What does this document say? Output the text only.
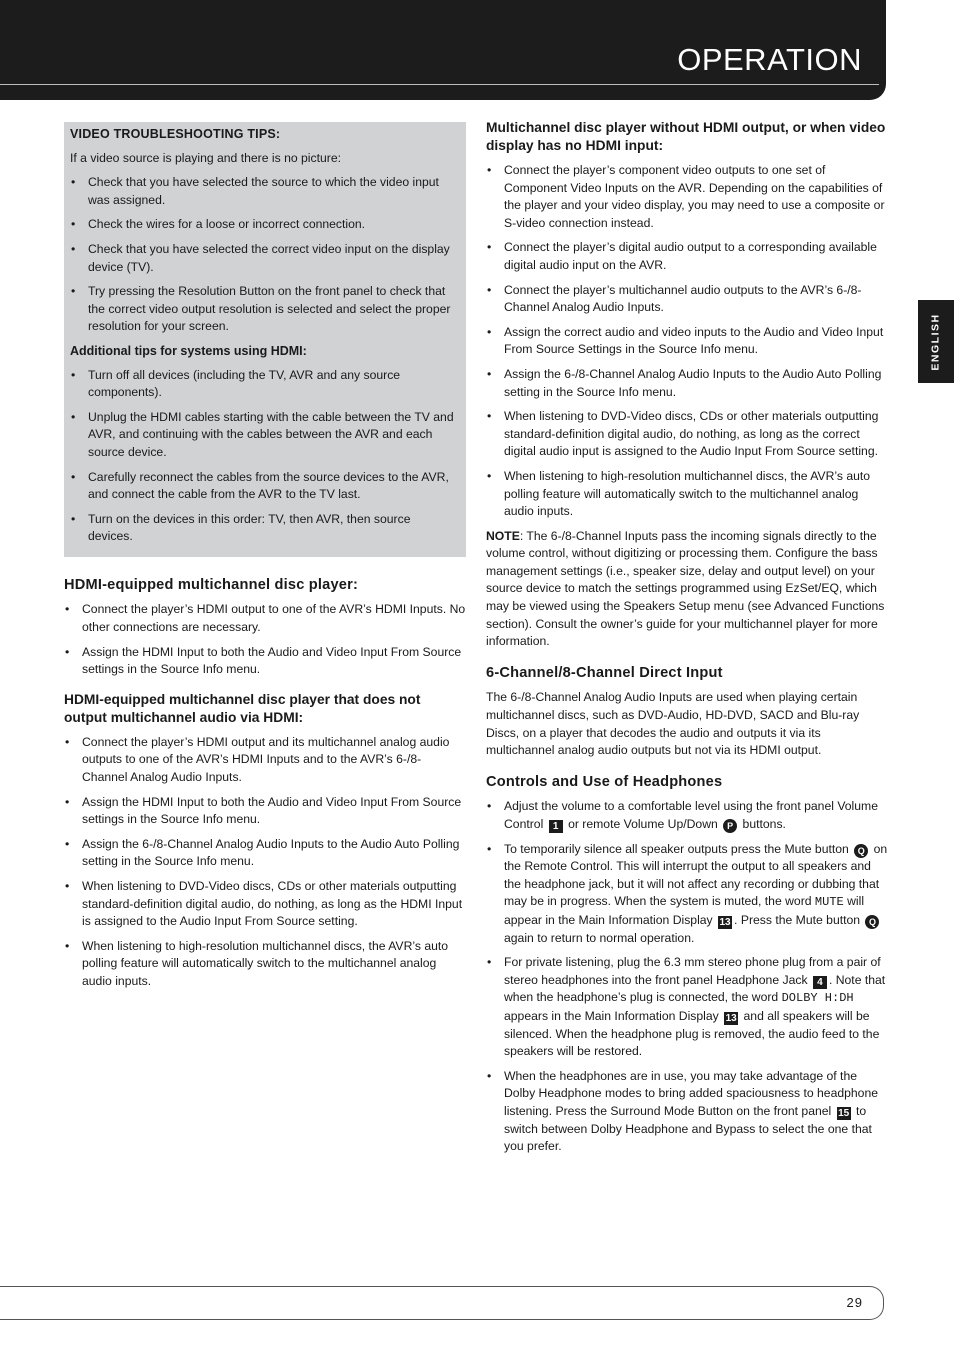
OPERATION
ENGLISH
VIDEO TROUBLESHOOTING TIPS:

If a video source is playing and there is no picture:

• Check that you have selected the source to which the video input was assigned.
• Check the wires for a loose or incorrect connection.
• Check that you have selected the correct video input on the display device (TV).
• Try pressing the Resolution Button on the front panel to check that the correct video output resolution is selected and select the proper resolution for your screen.
Additional tips for systems using HDMI:
• Turn off all devices (including the TV, AVR and any source components).
• Unplug the HDMI cables starting with the cable between the TV and AVR, and continuing with the cables between the AVR and each source device.
• Carefully reconnect the cables from the source devices to the AVR, and connect the cable from the AVR to the TV last.
• Turn on the devices in this order: TV, then AVR, then source devices.
HDMI-equipped multichannel disc player:
• Connect the player’s HDMI output to one of the AVR’s HDMI Inputs. No other connections are necessary.
• Assign the HDMI Input to both the Audio and Video Input From Source settings in the Source Info menu.
HDMI-equipped multichannel disc player that does not output multichannel audio via HDMI:
• Connect the player’s HDMI output and its multichannel analog audio outputs to one of the AVR’s HDMI Inputs and to the AVR’s 6-/8-Channel Analog Audio Inputs.
• Assign the HDMI Input to both the Audio and Video Input From Source settings in the Source Info menu.
• Assign the 6-/8-Channel Analog Audio Inputs to the Audio Auto Polling setting in the Source Info menu.
• When listening to DVD-Video discs, CDs or other materials outputting standard-definition digital audio, do nothing, as long as the HDMI Input is assigned to the Audio Input From Source setting.
• When listening to high-resolution multichannel discs, the AVR’s auto polling feature will automatically switch to the multichannel analog audio inputs.
Multichannel disc player without HDMI output, or when video display has no HDMI input:
• Connect the player’s component video outputs to one set of Component Video Inputs on the AVR. Depending on the capabilities of the player and your video display, you may need to use a composite or S-video connection instead.
• Connect the player’s digital audio output to a corresponding available digital audio input on the AVR.
• Connect the player’s multichannel audio outputs to the AVR’s 6-/8-Channel Analog Audio Inputs.
• Assign the correct audio and video inputs to the Audio and Video Input From Source Settings in the Source Info menu.
• Assign the 6-/8-Channel Analog Audio Inputs to the Audio Auto Polling setting in the Source Info menu.
• When listening to DVD-Video discs, CDs or other materials outputting standard-definition digital audio, do nothing, as long as the correct digital audio input is assigned to the Audio Input From Source setting.
• When listening to high-resolution multichannel discs, the AVR’s auto polling feature will automatically switch to the multichannel analog audio inputs.

NOTE: The 6-/8-Channel Inputs pass the incoming signals directly to the volume control, without digitizing or processing them. Configure the bass management settings (i.e., speaker size, delay and output level) on your source device to match the settings programmed using EzSet/EQ, which may be viewed using the Speakers Setup menu (see Advanced Functions section). Consult the owner’s guide for your multichannel player for more information.

6-Channel/8-Channel Direct Input

The 6-/8-Channel Analog Audio Inputs are used when playing certain multichannel discs, such as DVD-Audio, HD-DVD, SACD and Blu-ray Discs, on a player that decodes the audio and outputs it via its multichannel analog audio outputs but not via its HDMI output.

Controls and Use of Headphones
• Adjust the volume to a comfortable level using the front panel Volume Control 1 or remote Volume Up/Down P buttons.
• To temporarily silence all speaker outputs press the Mute button Q on the Remote Control. This will interrupt the output to all speakers and the headphone jack, but it will not affect any recording or dubbing that may be in progress. When the system is muted, the word MUTE will appear in the Main Information Display 13 . Press the Mute button Q again to return to normal operation.
• For private listening, plug the 6.3 mm stereo phone plug from a pair of stereo headphones into the front panel Headphone Jack 4 . Note that when the headphone’s plug is connected, the word DOLBY H:DH appears in the Main Information Display 13 and all speakers will be silenced. When the headphone plug is removed, the audio feed to the speakers will be restored.
• When the headphones are in use, you may take advantage of the Dolby Headphone modes to bring added spaciousness to headphone listening. Press the Surround Mode Button on the front panel 15 to switch between Dolby Headphone and Bypass to select the one that you prefer.
29
